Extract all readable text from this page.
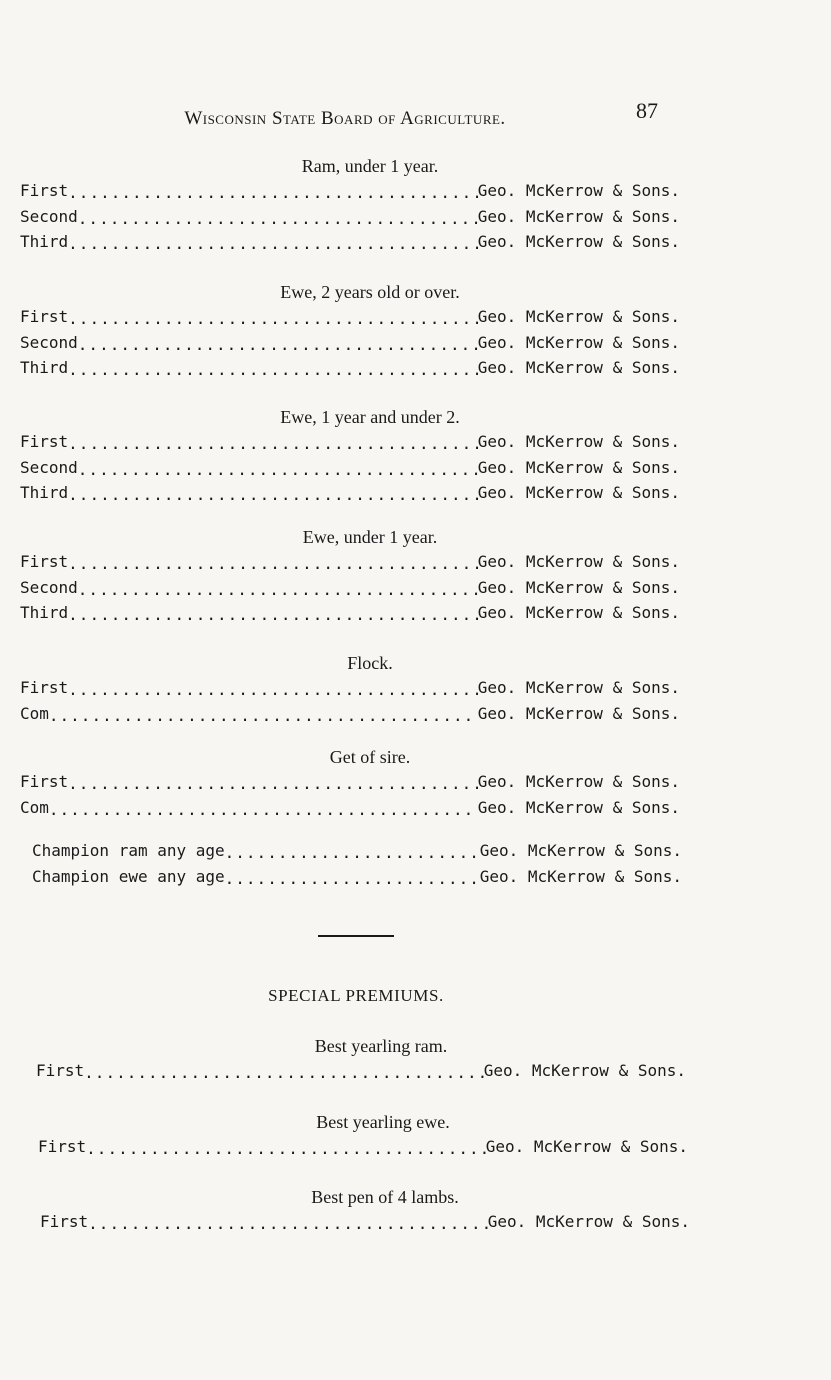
Wisconsin State Board of Agriculture.	87
Ram, under 1 year.
First .....	Geo. McKerrow & Sons.
Second .....	Geo. McKerrow & Sons.
Third .....	Geo. McKerrow & Sons.
Ewe, 2 years old or over.
First .....	Geo. McKerrow & Sons.
Second .....	Geo. McKerrow & Sons.
Third .....	Geo. McKerrow & Sons.
Ewe, 1 year and under 2.
First .....	Geo. McKerrow & Sons.
Second .....	Geo. McKerrow & Sons.
Third .....	Geo. McKerrow & Sons.
Ewe, under 1 year.
First .....	Geo. McKerrow & Sons.
Second .....	Geo. McKerrow & Sons.
Third .....	Geo. McKerrow & Sons.
Flock.
First .....	Geo. McKerrow & Sons.
Com .....	Geo. McKerrow & Sons.
Get of sire.
First .....	Geo. McKerrow & Sons.
Com .....	Geo. McKerrow & Sons.
Champion ram any age .....	Geo. McKerrow & Sons.
Champion ewe any age .....	Geo. McKerrow & Sons.
SPECIAL PREMIUMS.
Best yearling ram.
First .....	Geo. McKerrow & Sons.
Best yearling ewe.
First .....	Geo. McKerrow & Sons.
Best pen of 4 lambs.
First .....	Geo. McKerrow & Sons.
